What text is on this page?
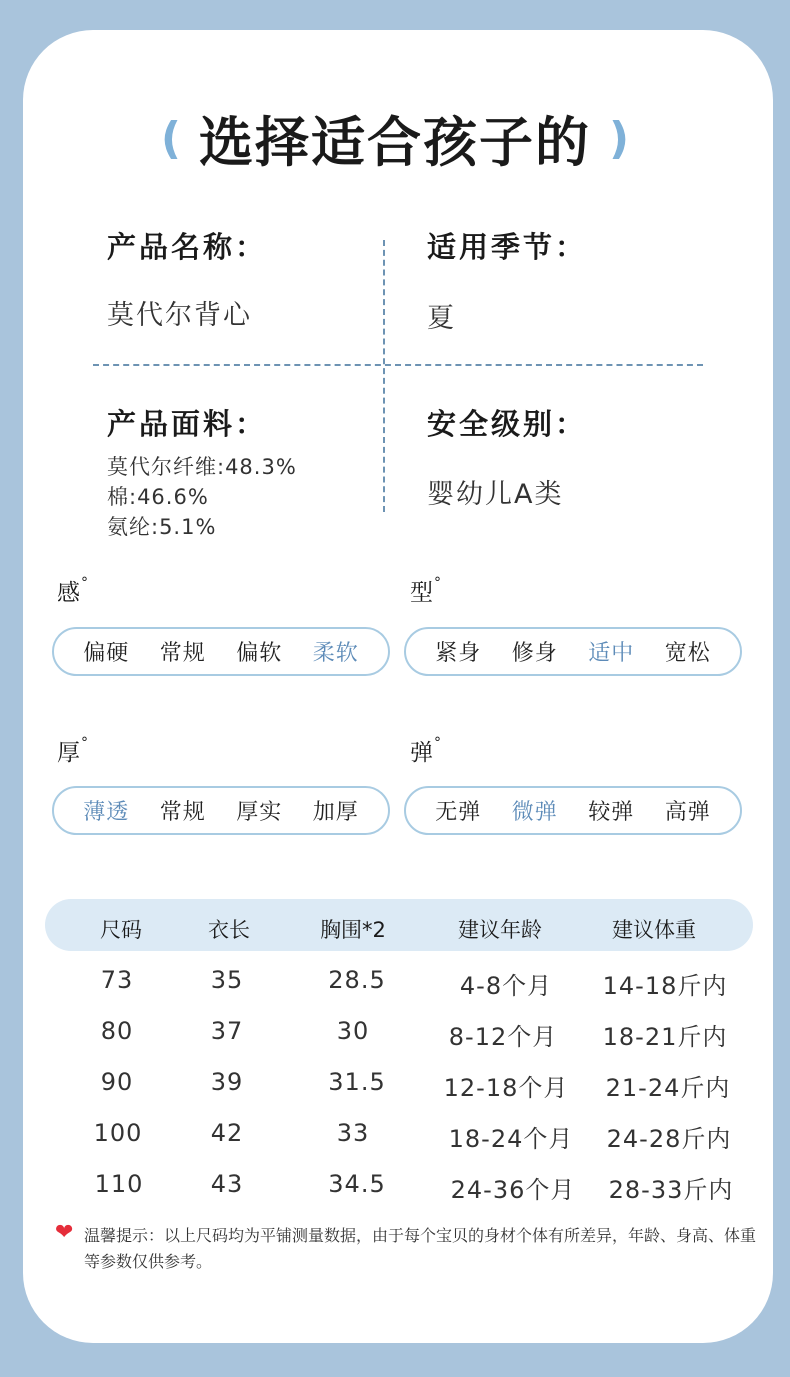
( 选择适合孩子的 )
产品名称：
莫代尔背心
适用季节：
夏
产品面料：
莫代尔纤维:48.3%
棉:46.6%
氨纶:5.1%
安全级别：
婴幼儿A类
感°
偏硬 常规 偏软 柔软
型°
紧身 修身 适中 宽松
厚°
薄透 常规 厚实 加厚
弹°
无弹 微弹 较弹 高弹
尺码	衣长	胸围*2	建议年龄	建议体重
73	35	28.5	4-8个月 14-18斤内
80	37	30	8-12个月 18-21斤内
90	39	31.5 12-18个月 21-24斤内
100	42	33	18-24个月 24-28斤内
110	43	34.5	24-36个月 28-33斤内
❤ 温馨提示：以上尺码均为平铺测量数据，由于每个宝贝的身材个体有所差异，年龄、身高、体重等参数仅供参考。
